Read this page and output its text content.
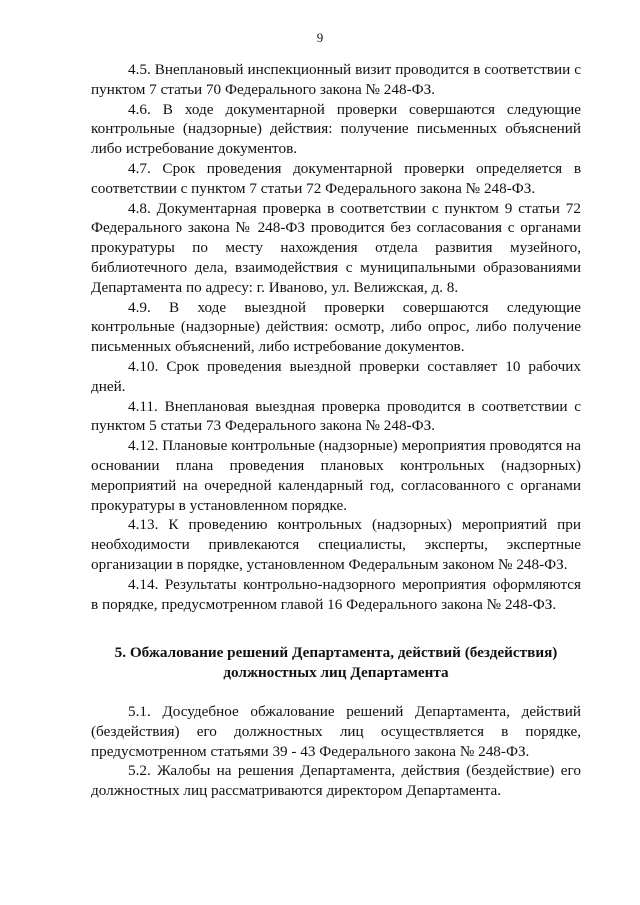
9

4.5. Внеплановый инспекционный визит проводится в соответствии с пунктом 7 статьи 70 Федерального закона № 248-ФЗ.

4.6. В ходе документарной проверки совершаются следующие контрольные (надзорные) действия: получение письменных объяснений либо истребование документов.

4.7. Срок проведения документарной проверки определяется в соответствии с пунктом 7 статьи 72 Федерального закона № 248-ФЗ.

4.8. Документарная проверка в соответствии с пунктом 9 статьи 72 Федерального закона № 248-ФЗ проводится без согласования с органами прокуратуры по месту нахождения отдела развития музейного, библиотечного дела, взаимодействия с муниципальными образованиями Департамента по адресу: г. Иваново, ул. Велижская, д. 8.

4.9. В ходе выездной проверки совершаются следующие контрольные (надзорные) действия: осмотр, либо опрос, либо получение письменных объяснений, либо истребование документов.

4.10. Срок проведения выездной проверки составляет 10 рабочих дней.

4.11. Внеплановая выездная проверка проводится в соответствии с пунктом 5 статьи 73 Федерального закона № 248-ФЗ.

4.12. Плановые контрольные (надзорные) мероприятия проводятся на основании плана проведения плановых контрольных (надзорных) мероприятий на очередной календарный год, согласованного с органами прокуратуры в установленном порядке.

4.13. К проведению контрольных (надзорных) мероприятий при необходимости привлекаются специалисты, эксперты, экспертные организации в порядке, установленном Федеральным законом № 248-ФЗ.

4.14. Результаты контрольно-надзорного мероприятия оформляются в порядке, предусмотренном главой 16 Федерального закона № 248-ФЗ.

5. Обжалование решений Департамента, действий (бездействия)
должностных лиц Департамента

5.1. Досудебное обжалование решений Департамента, действий (бездействия) его должностных лиц осуществляется в порядке, предусмотренном статьями 39 - 43 Федерального закона № 248-ФЗ.

5.2. Жалобы на решения Департамента, действия (бездействие) его должностных лиц рассматриваются директором Департамента.
